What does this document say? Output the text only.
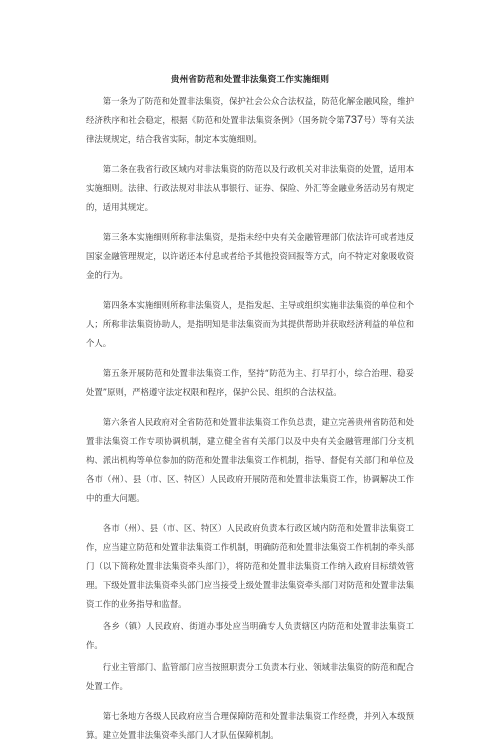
贵州省防范和处置非法集资工作实施细则

第一条为了防范和处置非法集资，保护社会公众合法权益，防范化解金融风险，维护经济秩序和社会稳定，根据《防范和处置非法集资条例》（国务院令第737号）等有关法律法规规定，结合我省实际，制定本实施细则。

第二条在我省行政区域内对非法集资的防范以及行政机关对非法集资的处置，适用本实施细则。法律、行政法规对非法从事银行、证券、保险、外汇等金融业务活动另有规定的，适用其规定。

第三条本实施细则所称非法集资，是指未经中央有关金融管理部门依法许可或者违反国家金融管理规定，以许诺还本付息或者给予其他投资回报等方式，向不特定对象吸收资金的行为。

第四条本实施细则所称非法集资人，是指发起、主导或组织实施非法集资的单位和个人；所称非法集资协助人，是指明知是非法集资而为其提供帮助并获取经济利益的单位和个人。

第五条开展防范和处置非法集资工作，坚持“防范为主、打早打小，综合治理、稳妥处置”原则，严格遵守法定权限和程序，保护公民、组织的合法权益。

第六条省人民政府对全省防范和处置非法集资工作负总责，建立完善贵州省防范和处置非法集资工作专项协调机制，建立健全省有关部门以及中央有关金融管理部门分支机构、派出机构等单位参加的防范和处置非法集资工作机制，指导、督促有关部门和单位及各市（州）、县（市、区、特区）人民政府开展防范和处置非法集资工作，协调解决工作中的重大问题。

各市（州）、县（市、区、特区）人民政府负责本行政区域内防范和处置非法集资工作，应当建立防范和处置非法集资工作机制，明确防范和处置非法集资工作机制的牵头部门（以下简称处置非法集资牵头部门），将防范和处置非法集资工作纳入政府目标绩效管理。下级处置非法集资牵头部门应当接受上级处置非法集资牵头部门对防范和处置非法集资工作的业务指导和监督。

各乡（镇）人民政府、街道办事处应当明确专人负责辖区内防范和处置非法集资工作。

行业主管部门、监管部门应当按照职责分工负责本行业、领域非法集资的防范和配合处置工作。

第七条地方各级人民政府应当合理保障防范和处置非法集资工作经费，并列入本级预算。建立处置非法集资牵头部门人才队伍保障机制。
